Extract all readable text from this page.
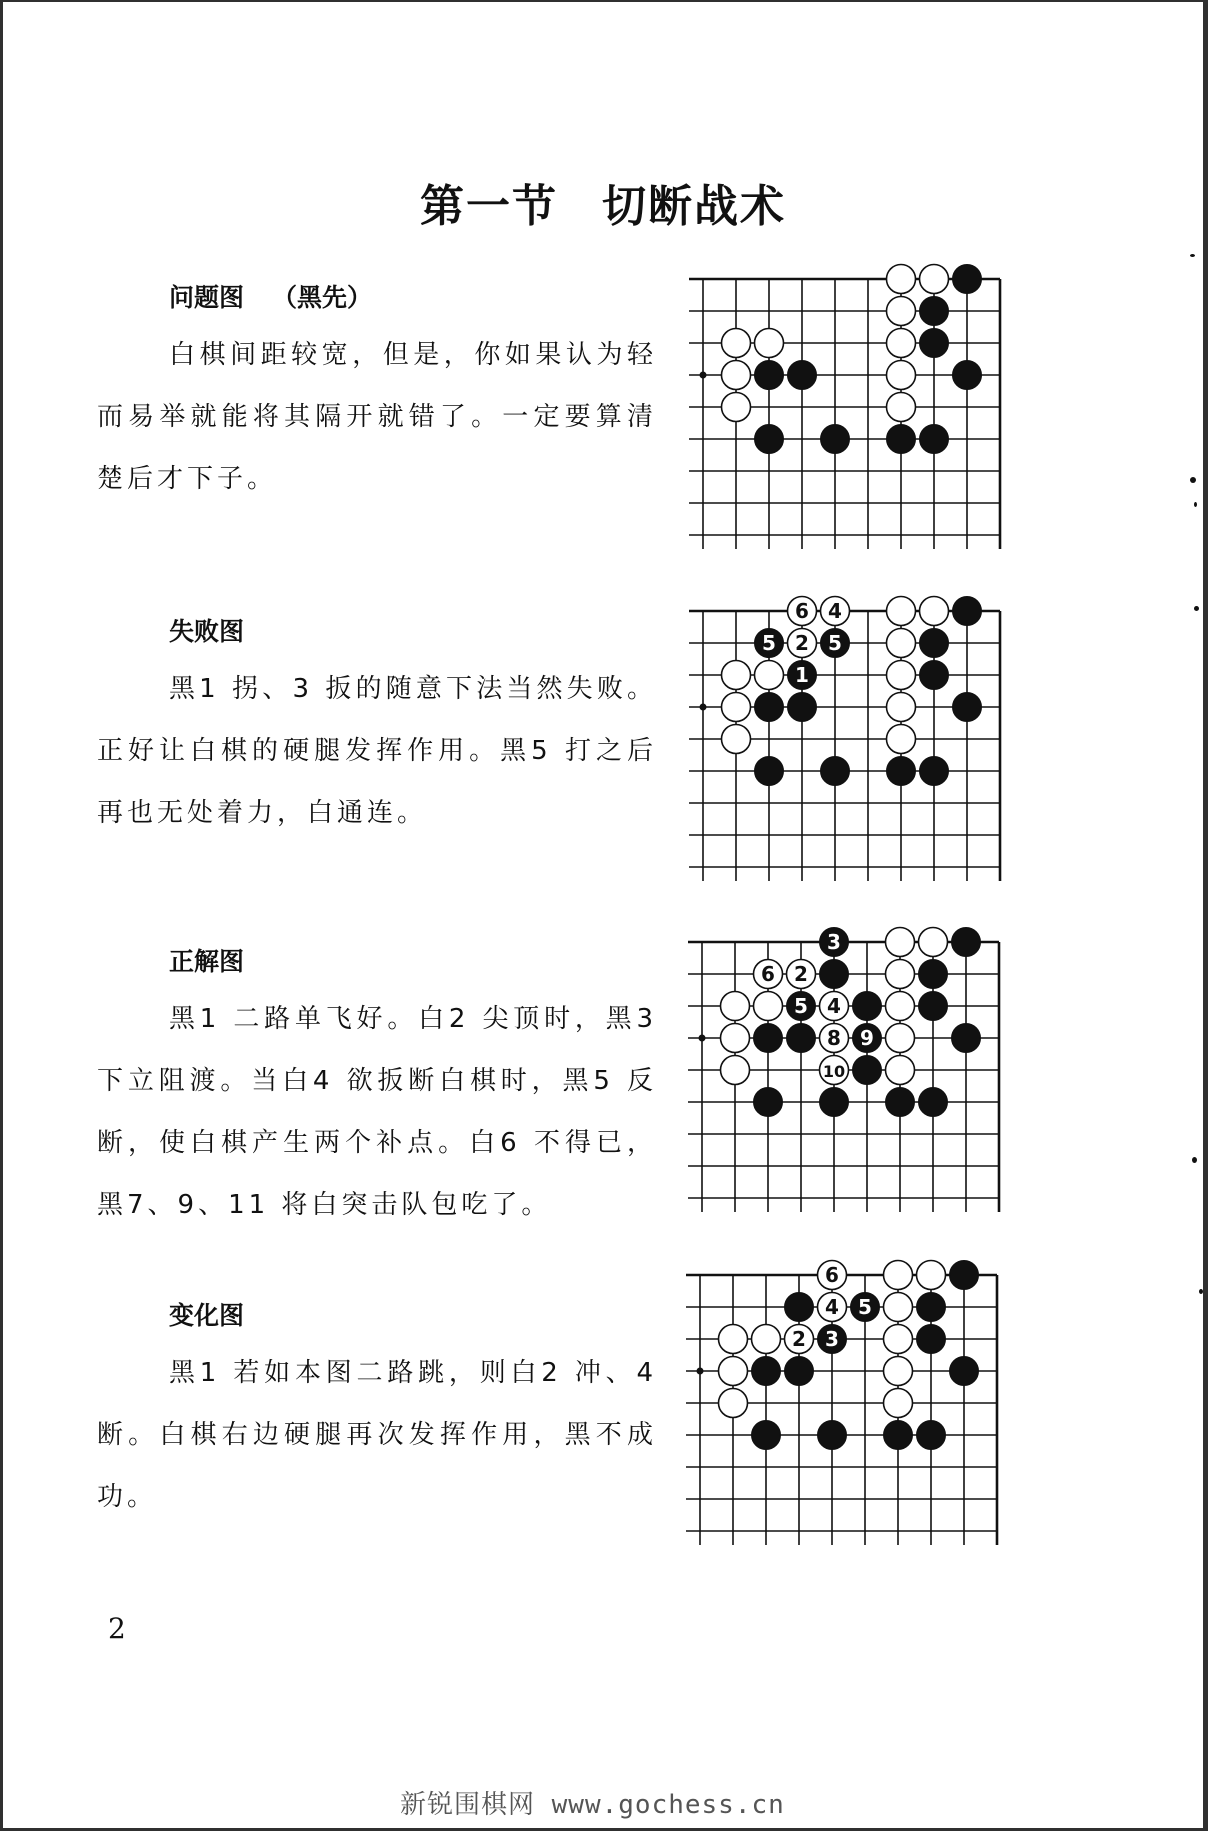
第一节 切断战术
问题图 （黑先）

白棋间距较宽，但是，你如果认为轻而易举就能将其隔开就错了。一定要算清楚后才下子。

失败图

黑1 拐、3 扳的随意下法当然失败。正好让白棋的硬腿发挥作用。黑5 打之后再也无处着力，白通连。

正解图

黑1 二路单飞好。白2 尖顶时，黑3 下立阻渡。当白4 欲扳断白棋时，黑5 反断，使白棋产生两个补点。白6 不得已，黑7、9、11 将白突击队包吃了。

变化图

黑1 若如本图二路跳，则白2 冲、4 断。白棋右边硬腿再次发挥作用，黑不成功。

6 4
5 2 5
1
3
6 2
5 4
8 9
10
6
4 5
2 3
2
新锐围棋网 www.gochess.cn
